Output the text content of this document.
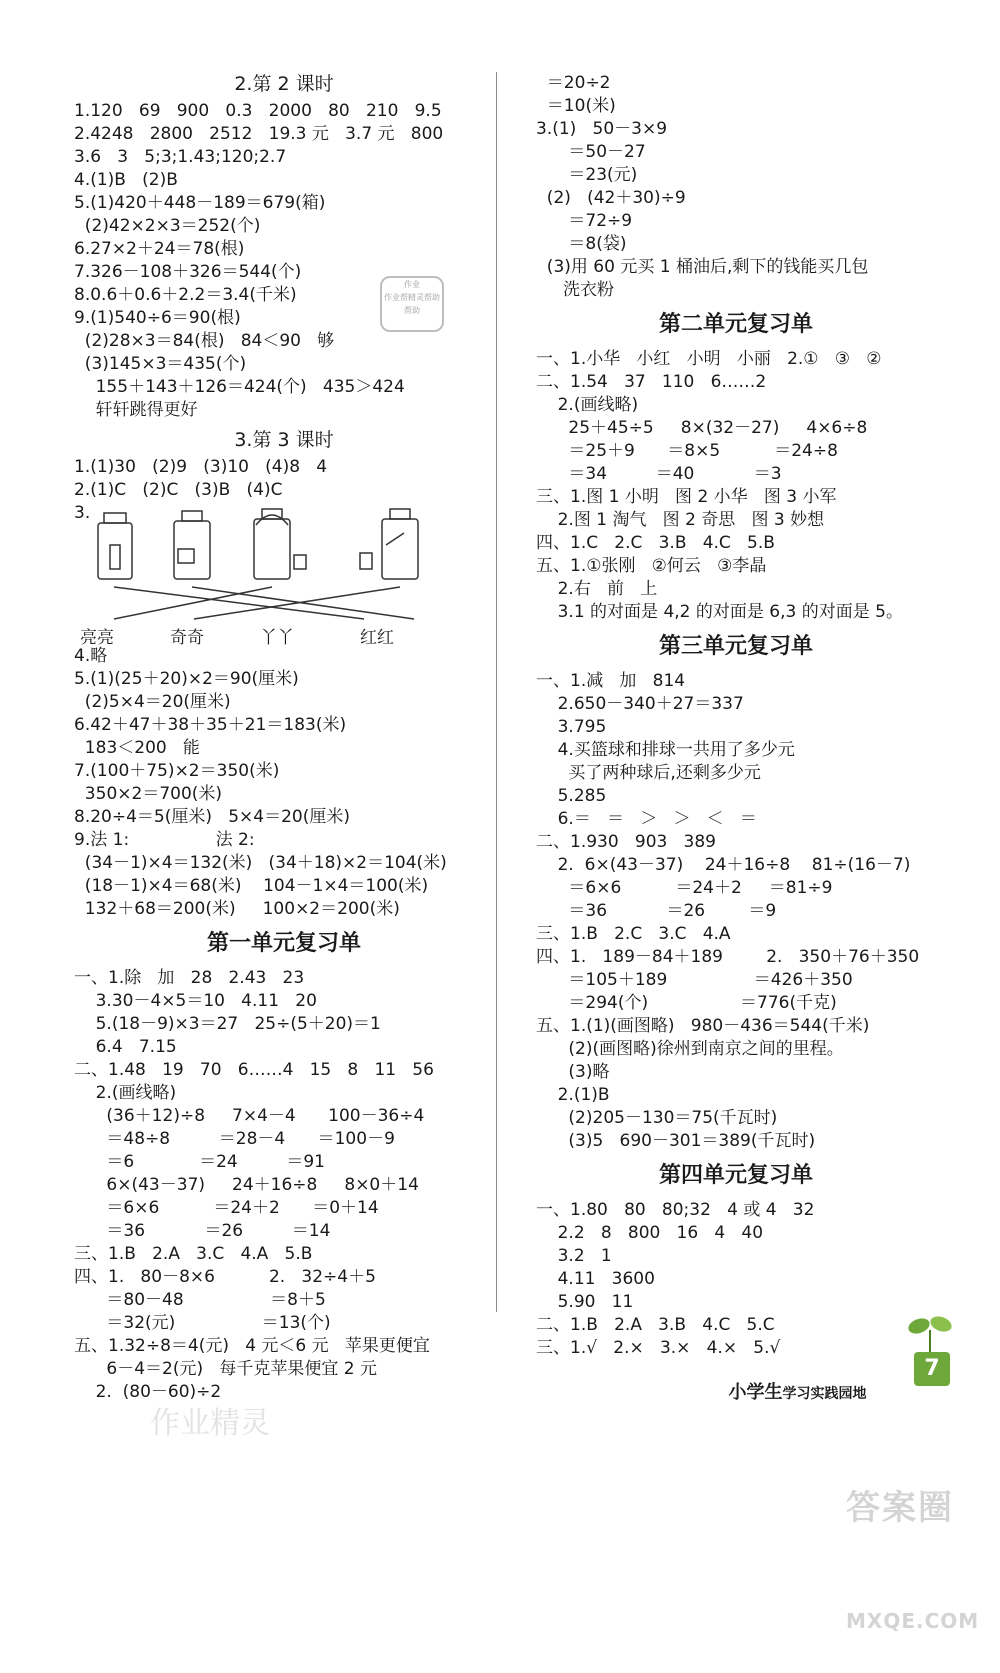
2.第 2 课时
1.120   69   900   0.3   2000   80   210   9.5
2.4248   2800   2512   19.3 元   3.7 元   800
3.6   3   5;3;1.43;120;2.7
4.(1)B   (2)B
5.(1)420＋448－189＝679(箱)
(2)42×2×3＝252(个)
6.27×2＋24＝78(根)
7.326－108＋326＝544(个)
8.0.6＋0.6＋2.2＝3.4(千米)
9.(1)540÷6＝90(根)
(2)28×3＝84(根)   84＜90   够
(3)145×3＝435(个)
155＋143＋126＝424(个)   435＞424
轩轩跳得更好
3.第 3 课时
1.(1)30   (2)9   (3)10   (4)8   4
2.(1)C   (2)C   (3)B   (4)C
3.
亮亮	奇奇	丫丫	红红
4.略
5.(1)(25＋20)×2＝90(厘米)
(2)5×4＝20(厘米)
6.42＋47＋38＋35＋21＝183(米)
183＜200   能
7.(100＋75)×2＝350(米)
350×2＝700(米)
8.20÷4＝5(厘米)   5×4＝20(厘米)
9.法 1:                法 2:
(34－1)×4＝132(米)   (34＋18)×2＝104(米)
(18－1)×4＝68(米)    104－1×4＝100(米)
132＋68＝200(米)     100×2＝200(米)
第一单元复习单
一、1.除   加   28   2.43   23
3.30－4×5＝10   4.11   20
5.(18－9)×3＝27   25÷(5＋20)＝1
6.4   7.15
二、1.48   19   70   6……4   15   8   11   56
2.(画线略)
(36＋12)÷8     7×4－4      100－36÷4
＝48÷8         ＝28－4      ＝100－9
＝6            ＝24         ＝91
6×(43－37)     24＋16÷8     8×0＋14
＝6×6          ＝24＋2      ＝0＋14
＝36           ＝26         ＝14
三、1.B   2.A   3.C   4.A   5.B
四、1.   80－8×6          2.   32÷4＋5
＝80－48                ＝8＋5
＝32(元)                ＝13(个)
五、1.32÷8＝4(元)   4 元＜6 元   苹果更便宜
6－4＝2(元)   每千克苹果便宜 2 元
2.  (80－60)÷2
＝20÷2
＝10(米)
3.(1)   50－3×9
＝50－27
＝23(元)
(2)   (42＋30)÷9
＝72÷9
＝8(袋)
(3)用 60 元买 1 桶油后,剩下的钱能买几包
洗衣粉
第二单元复习单
一、1.小华   小红   小明   小丽   2.①   ③   ②
二、1.54   37   110   6……2
2.(画线略)
25＋45÷5     8×(32－27)     4×6÷8
＝25＋9      ＝8×5          ＝24÷8
＝34         ＝40           ＝3
三、1.图 1 小明   图 2 小华   图 3 小军
2.图 1 淘气   图 2 奇思   图 3 妙想
四、1.C   2.C   3.B   4.C   5.B
五、1.①张刚   ②何云   ③李晶
2.右   前   上
3.1 的对面是 4,2 的对面是 6,3 的对面是 5。
第三单元复习单
一、1.减   加   814
2.650－340＋27＝337
3.795
4.买篮球和排球一共用了多少元
买了两种球后,还剩多少元
5.285
6.＝   ＝   ＞   ＞   ＜   ＝
二、1.930   903   389
2.  6×(43－37)    24＋16÷8    81÷(16－7)
＝6×6          ＝24＋2     ＝81÷9
＝36           ＝26        ＝9
三、1.B   2.C   3.C   4.A
四、1.   189－84＋189        2.   350＋76＋350
＝105＋189                ＝426＋350
＝294(个)                 ＝776(千克)
五、1.(1)(画图略)   980－436＝544(千米)
(2)(画图略)徐州到南京之间的里程。
(3)略
2.(1)B
(2)205－130＝75(千瓦时)
(3)5   690－301＝389(千瓦时)
第四单元复习单
一、1.80   80   80;32   4 或 4   32
2.2   8   800   16   4   40
3.2   1
4.11   3600
5.90   11
二、1.B   2.A   3.B   4.C   5.C
三、1.√   2.×   3.×   4.×   5.√
作业
作业帮精灵帮助
帮助

小学生学习实践园地

7

答案圈

MXQE.COM

作业精灵
